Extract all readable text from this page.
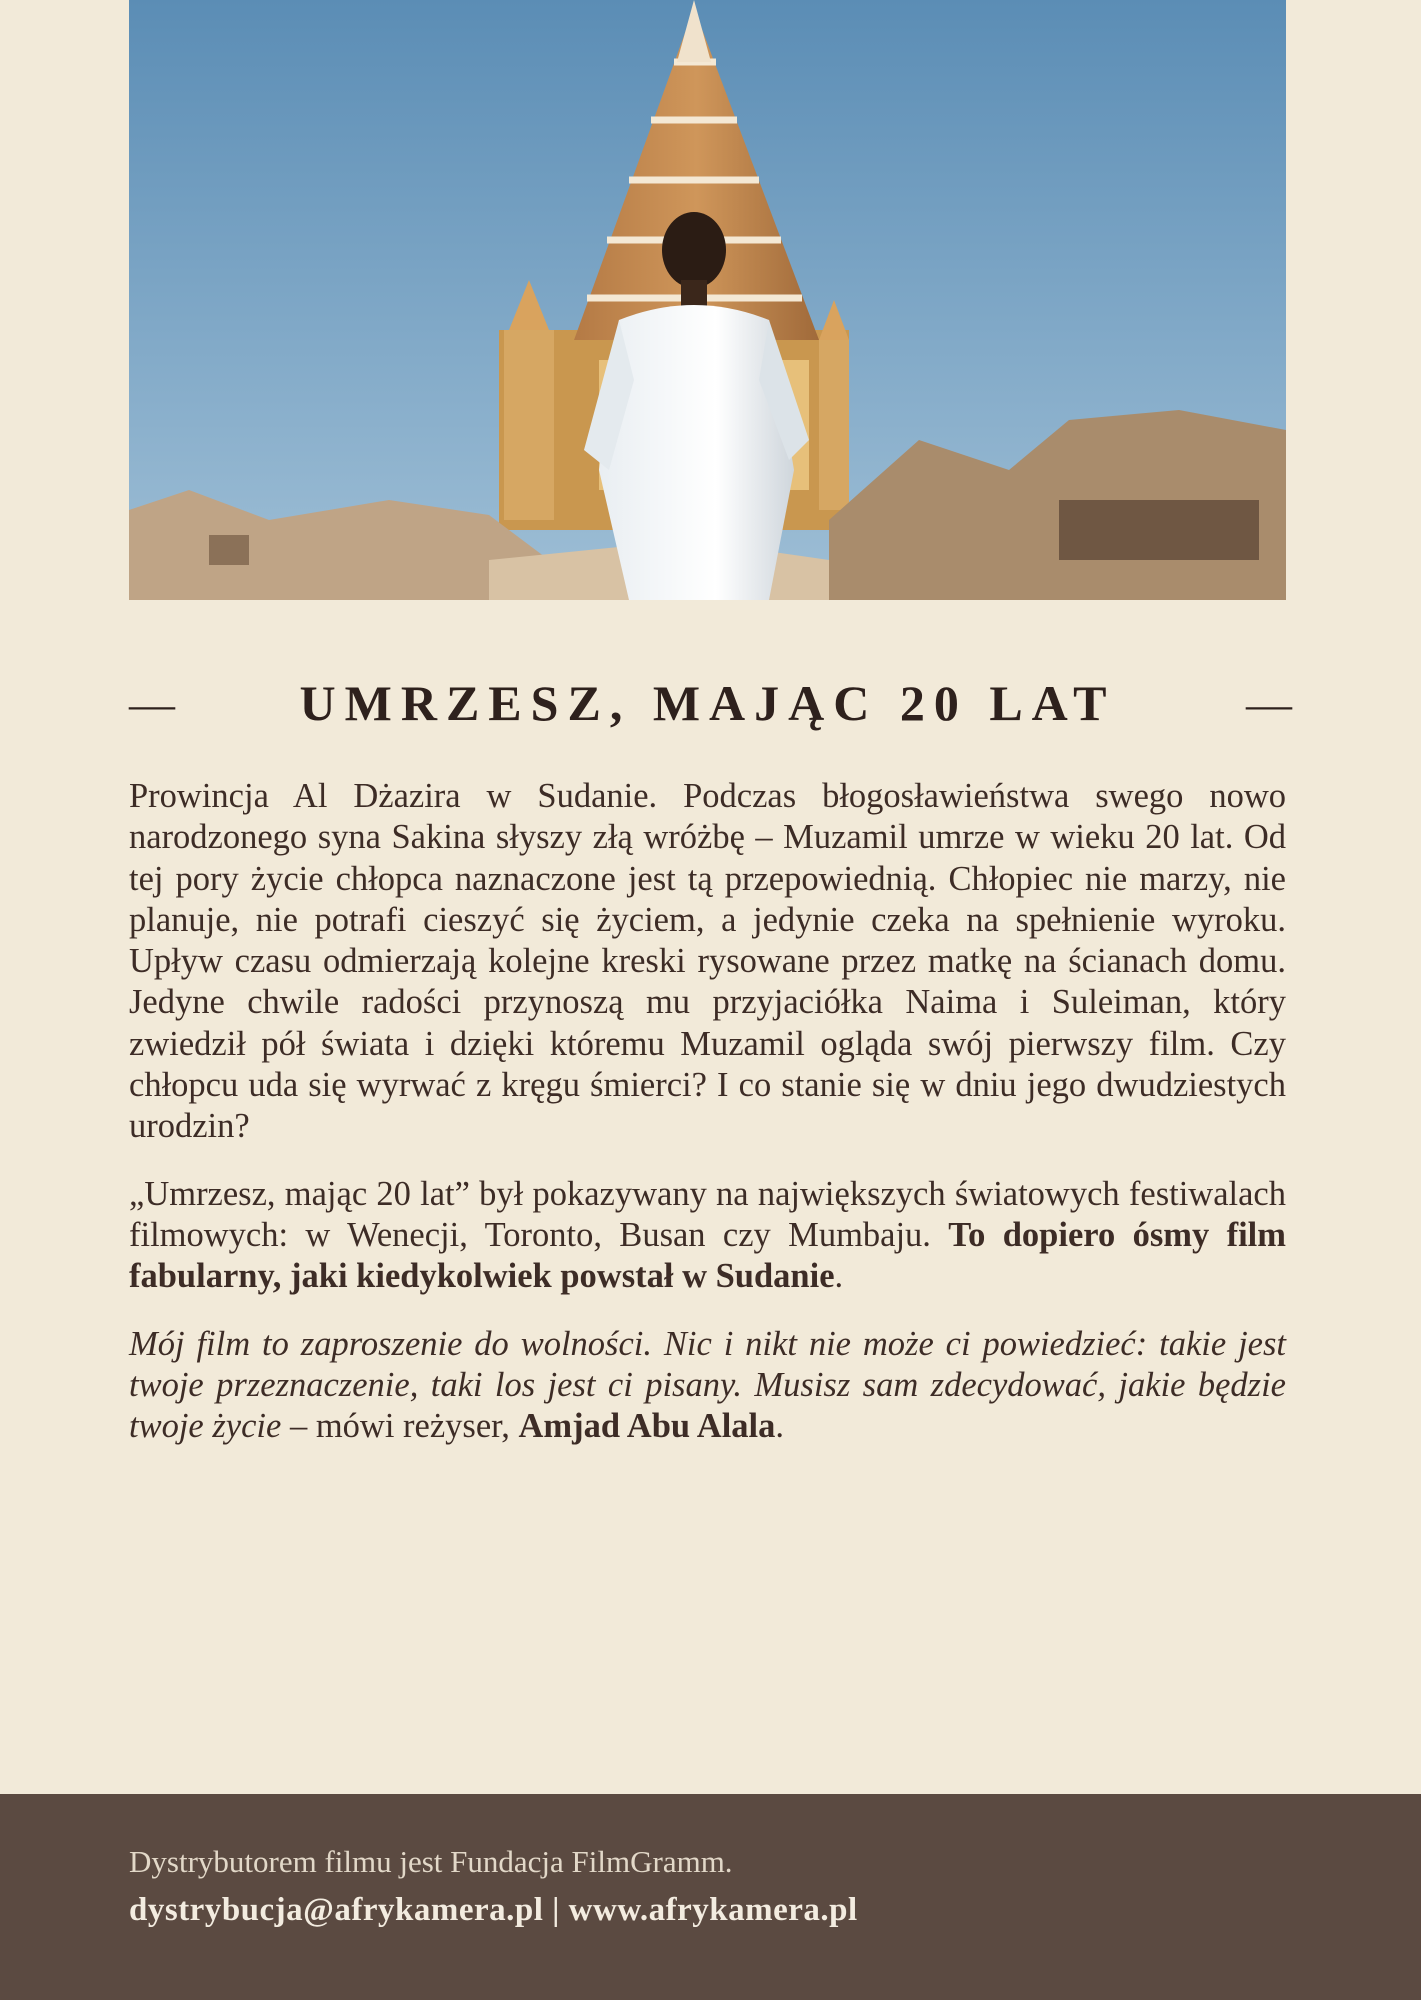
— UMRZESZ, MAJĄC 20 LAT	—

Prowincja Al Dżazira w Sudanie. Podczas błogosławieństwa swego nowo narodzonego syna Sakina słyszy złą wróżbę – Muzamil umrze w wieku 20 lat. Od tej pory życie chłopca naznaczone jest tą przepowiednią. Chłopiec nie marzy, nie planuje, nie potrafi cieszyć się życiem, a jedynie czeka na spełnienie wyroku. Upływ czasu odmierzają kolejne kreski rysowane przez matkę na ścianach domu. Jedyne chwile radości przynoszą mu przyjaciółka Naima i Suleiman, który zwiedził pół świata i dzięki któremu Muzamil ogląda swój pierwszy film. Czy chłopcu uda się wyrwać z kręgu śmierci? I co stanie się w dniu jego dwudziestych urodzin?

„Umrzesz, mając 20 lat” był pokazywany na największych światowych festiwalach filmowych: w Wenecji, Toronto, Busan czy Mumbaju. To dopiero ósmy film fabularny, jaki kiedykolwiek powstał w Sudanie.

Mój film to zaproszenie do wolności. Nic i nikt nie może ci powiedzieć: takie jest twoje przeznaczenie, taki los jest ci pisany. Musisz sam zdecydować, jakie będzie twoje życie – mówi reżyser, Amjad Abu Alala.

Dystrybutorem filmu jest Fundacja FilmGramm.
dystrybucja@afrykamera.pl | www.afrykamera.pl
